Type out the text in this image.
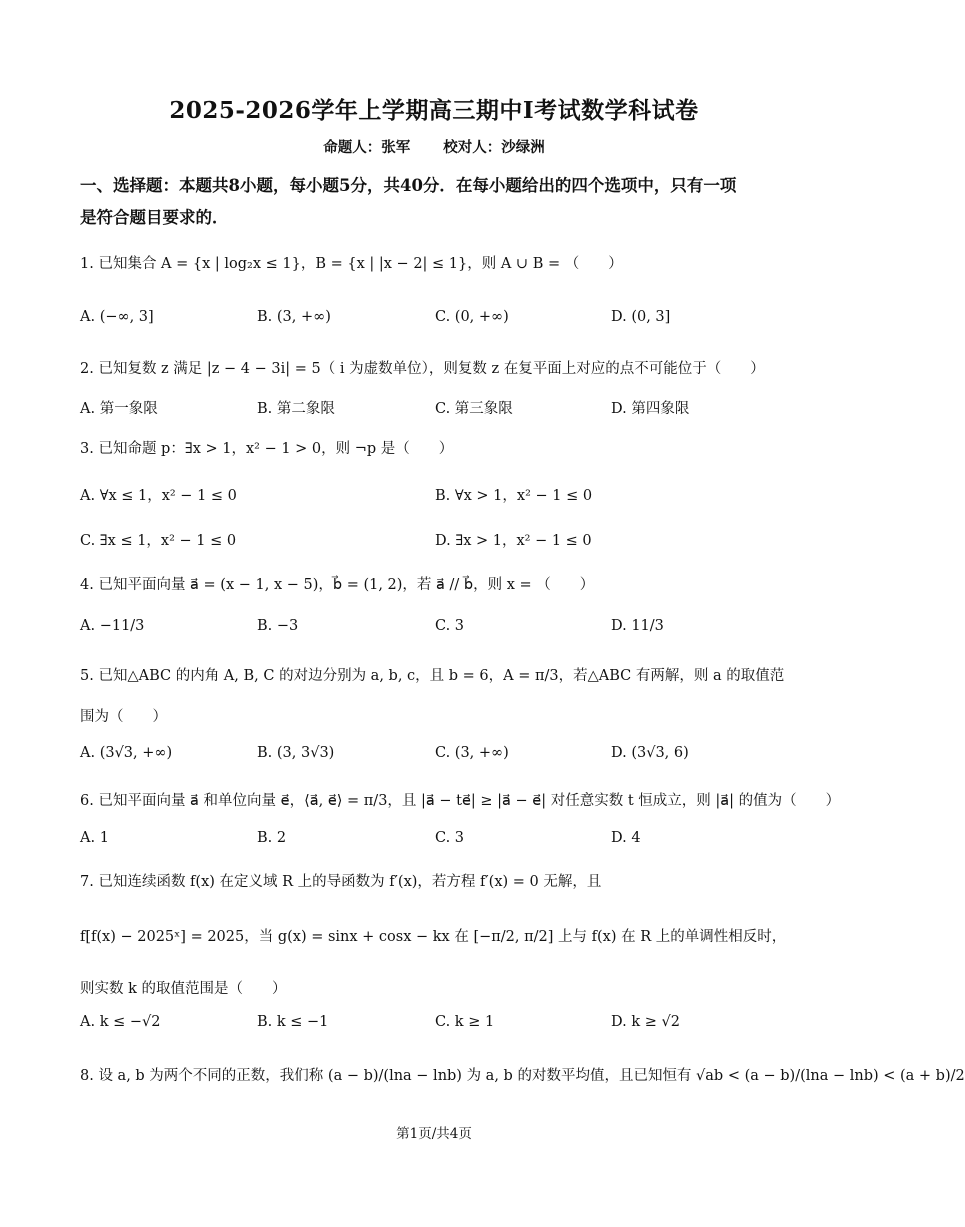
2025-2026学年上学期高三期中I考试数学科试卷
命题人：张军 校对人：沙绿洲
一、选择题：本题共8小题，每小题5分，共40分．在每小题给出的四个选项中，只有一项
是符合题目要求的．
1. 已知集合 A = {x | log₂x ≤ 1}，B = {x | |x − 2| ≤ 1}，则 A ∪ B = （　　）
A. (−∞, 3]	B. (3, +∞)	C. (0, +∞)	D. (0, 3]
2. 已知复数 z 满足 |z − 4 − 3i| = 5（ i 为虚数单位），则复数 z 在复平面上对应的点不可能位于（　　）
A. 第一象限	B. 第二象限	C. 第三象限	D. 第四象限
3. 已知命题 p：∃x > 1，x² − 1 > 0，则 ¬p 是（　　）
A. ∀x ≤ 1，x² − 1 ≤ 0	B. ∀x > 1，x² − 1 ≤ 0
C. ∃x ≤ 1，x² − 1 ≤ 0	D. ∃x > 1，x² − 1 ≤ 0
4. 已知平面向量 a⃗ = (x − 1, x − 5)，b⃗ = (1, 2)，若 a⃗ // b⃗，则 x = （　　）
A. −11/3	B. −3	C. 3	D. 11/3
5. 已知△ABC 的内角 A, B, C 的对边分别为 a, b, c，且 b = 6，A = π/3，若△ABC 有两解，则 a 的取值范
围为（　　）
A. (3√3, +∞)	B. (3, 3√3)	C. (3, +∞)	D. (3√3, 6)
6. 已知平面向量 a⃗ 和单位向量 e⃗，⟨a⃗, e⃗⟩ = π/3，且 |a⃗ − te⃗| ≥ |a⃗ − e⃗| 对任意实数 t 恒成立，则 |a⃗| 的值为（　　）
A. 1	B. 2	C. 3	D. 4
7. 已知连续函数 f(x) 在定义域 R 上的导函数为 f′(x)，若方程 f′(x) = 0 无解，且
f[f(x) − 2025ˣ] = 2025，当 g(x) = sinx + cosx − kx 在 [−π/2, π/2] 上与 f(x) 在 R 上的单调性相反时，
则实数 k 的取值范围是（　　）
A. k ≤ −√2	B. k ≤ −1	C. k ≥ 1	D. k ≥ √2
8. 设 a, b 为两个不同的正数，我们称 (a − b)/(lna − lnb) 为 a, b 的对数平均值，且已知恒有 √ab < (a − b)/(lna − lnb) < (a + b)/2
第1页/共4页
